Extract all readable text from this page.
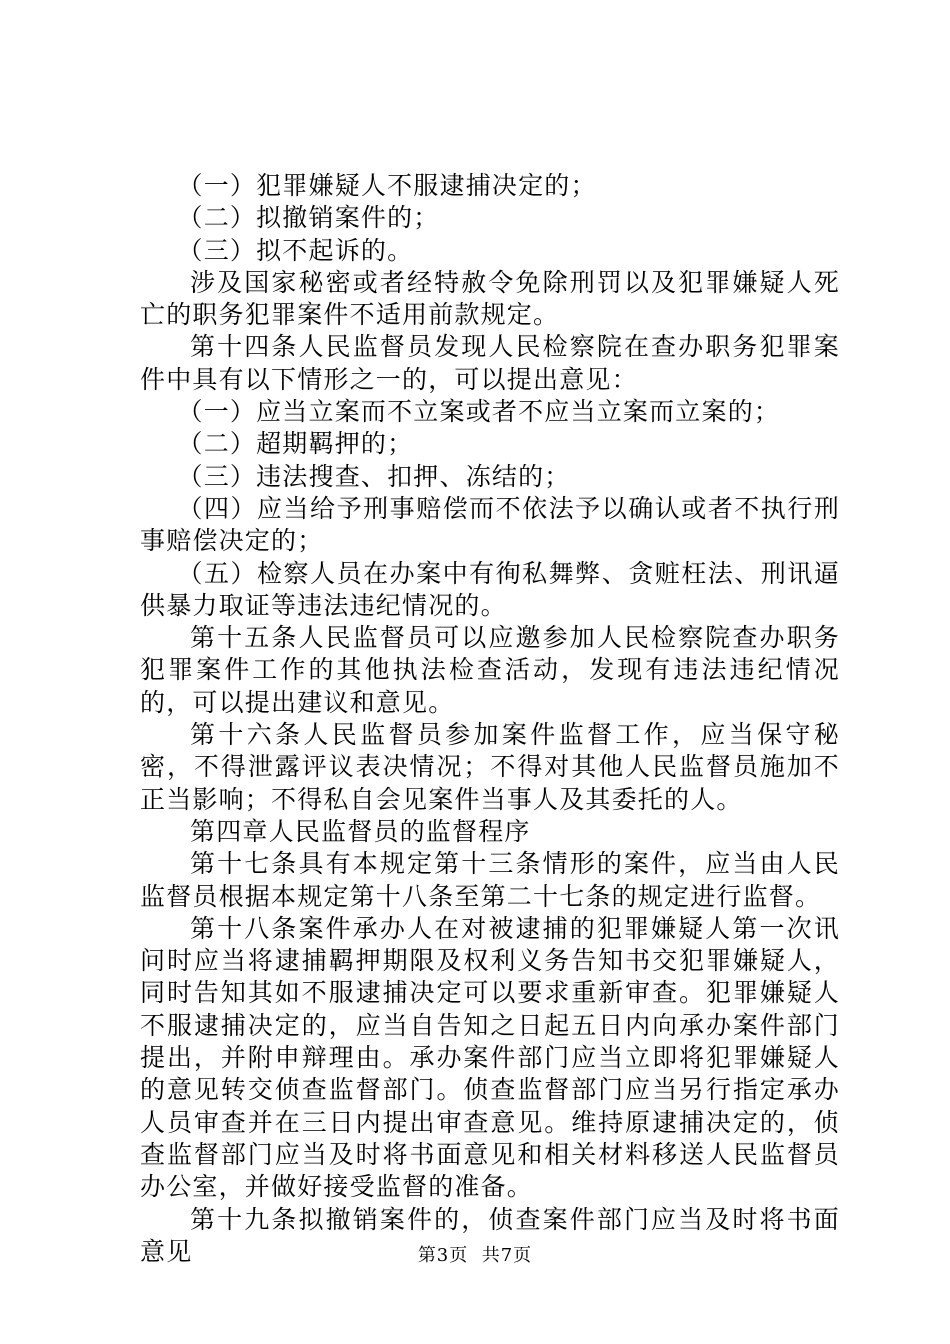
（一）犯罪嫌疑人不服逮捕决定的；

（二）拟撤销案件的；

（三）拟不起诉的。

涉及国家秘密或者经特赦令免除刑罚以及犯罪嫌疑人死亡的职务犯罪案件不适用前款规定。

第十四条人民监督员发现人民检察院在查办职务犯罪案件中具有以下情形之一的，可以提出意见：

（一）应当立案而不立案或者不应当立案而立案的；

（二）超期羁押的；

（三）违法搜查、扣押、冻结的；

（四）应当给予刑事赔偿而不依法予以确认或者不执行刑事赔偿决定的；

（五）检察人员在办案中有徇私舞弊、贪赃枉法、刑讯逼供暴力取证等违法违纪情况的。

第十五条人民监督员可以应邀参加人民检察院查办职务犯罪案件工作的其他执法检查活动，发现有违法违纪情况的，可以提出建议和意见。

第十六条人民监督员参加案件监督工作，应当保守秘密，不得泄露评议表决情况；不得对其他人民监督员施加不正当影响；不得私自会见案件当事人及其委托的人。

第四章人民监督员的监督程序

第十七条具有本规定第十三条情形的案件，应当由人民监督员根据本规定第十八条至第二十七条的规定进行监督。

第十八条案件承办人在对被逮捕的犯罪嫌疑人第一次讯问时应当将逮捕羁押期限及权利义务告知书交犯罪嫌疑人，同时告知其如不服逮捕决定可以要求重新审查。犯罪嫌疑人不服逮捕决定的，应当自告知之日起五日内向承办案件部门提出，并附申辩理由。承办案件部门应当立即将犯罪嫌疑人的意见转交侦查监督部门。侦查监督部门应当另行指定承办人员审查并在三日内提出审查意见。维持原逮捕决定的，侦查监督部门应当及时将书面意见和相关材料移送人民监督员办公室，并做好接受监督的准备。

第十九条拟撤销案件的，侦查案件部门应当及时将书面意见	第3页  共7页
